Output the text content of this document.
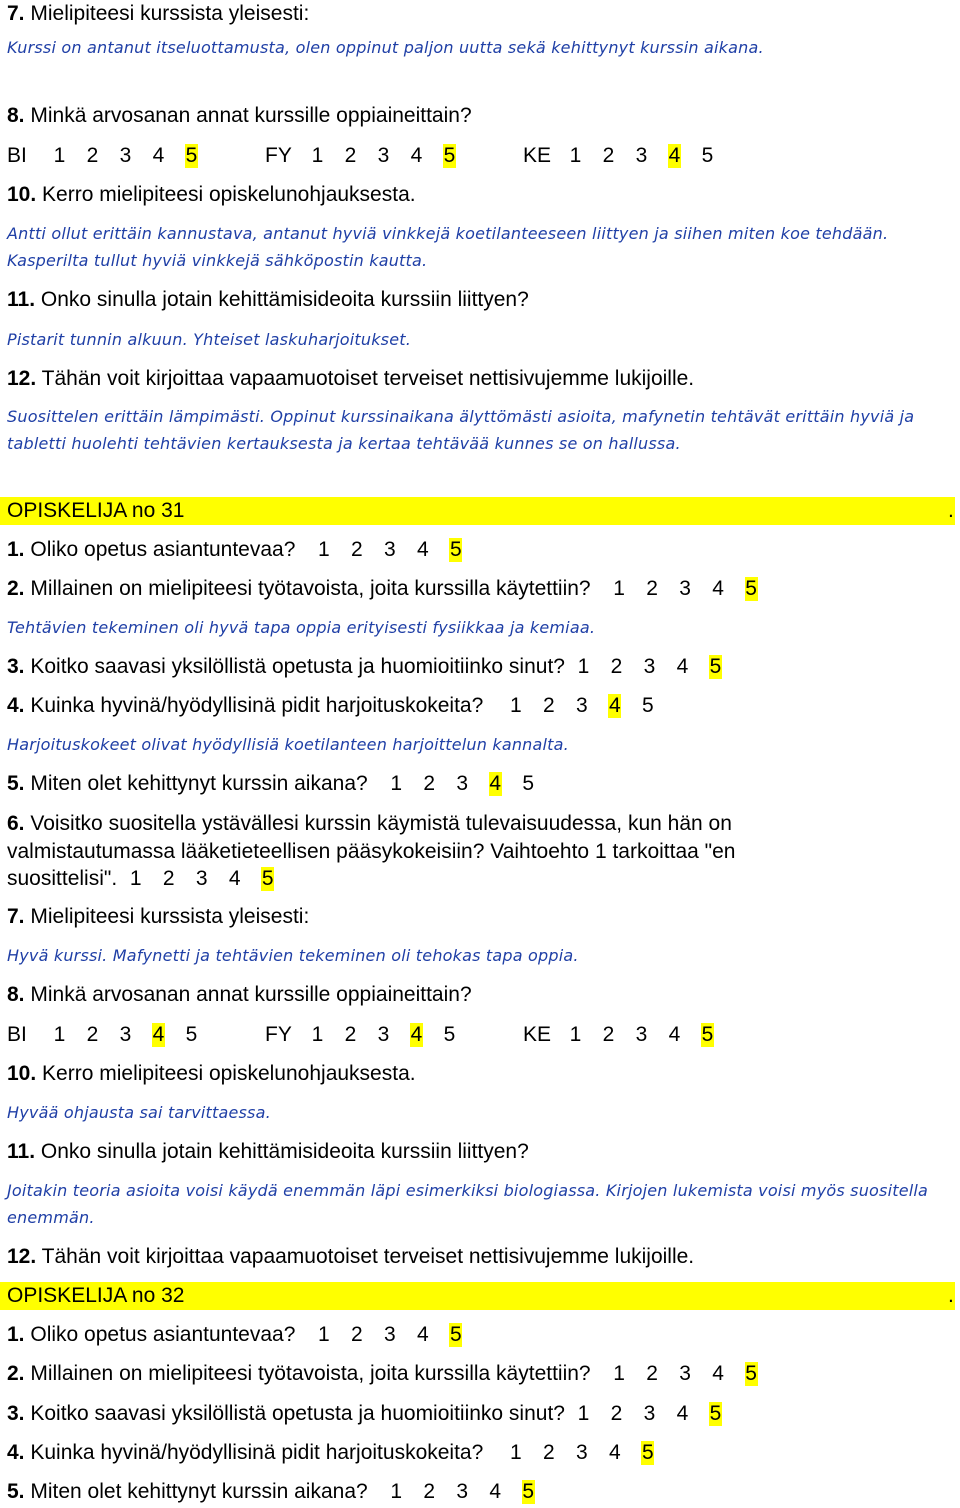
7. Mielipiteesi kurssista yleisesti:
Kurssi on antanut itseluottamusta, olen oppinut paljon uutta sekä kehittynyt kurssin aikana.
8. Minkä arvosanan annat kurssille oppiaineittain?
BI 1 2 3 4 5	FY 1 2 3 4 5	KE 1 2 3 4 5
10. Kerro mielipiteesi opiskelunohjauksesta.
Antti ollut erittäin kannustava, antanut hyviä vinkkejä koetilanteeseen liittyen ja siihen miten koe tehdään. Kasperilta tullut hyviä vinkkejä sähköpostin kautta.
11. Onko sinulla jotain kehittämisideoita kurssiin liittyen?
Pistarit tunnin alkuun. Yhteiset laskuharjoitukset.
12. Tähän voit kirjoittaa vapaamuotoiset terveiset nettisivujemme lukijoille.
Suosittelen erittäin lämpimästi. Oppinut kurssinaikana älyttömästi asioita, mafynetin tehtävät erittäin hyviä ja tabletti huolehti tehtävien kertauksesta ja kertaa tehtävää kunnes se on hallussa.
OPISKELIJA no 31	.
1. Oliko opetus asiantuntevaa? 1 2 3 4 5
2. Millainen on mielipiteesi työtavoista, joita kurssilla käytettiin? 1 2 3 4 5
Tehtävien tekeminen oli hyvä tapa oppia erityisesti fysiikkaa ja kemiaa.
3. Koitko saavasi yksilöllistä opetusta ja huomioitiinko sinut? 1 2 3 4 5
4. Kuinka hyvinä/hyödyllisinä pidit harjoituskokeita? 1 2 3 4 5
Harjoituskokeet olivat hyödyllisiä koetilanteen harjoittelun kannalta.
5. Miten olet kehittynyt kurssin aikana? 1 2 3 4 5
6. Voisitko suositella ystävällesi kurssin käymistä tulevaisuudessa, kun hän on
valmistautumassa lääketieteellisen pääsykokeisiin? Vaihtoehto 1 tarkoittaa "en
suosittelisi". 1 2 3 4 5
7. Mielipiteesi kurssista yleisesti:
Hyvä kurssi. Mafynetti ja tehtävien tekeminen oli tehokas tapa oppia.
8. Minkä arvosanan annat kurssille oppiaineittain?
BI 1 2 3 4 5	FY 1 2 3 4 5	KE 1 2 3 4 5
10. Kerro mielipiteesi opiskelunohjauksesta.
Hyvää ohjausta sai tarvittaessa.
11. Onko sinulla jotain kehittämisideoita kurssiin liittyen?
Joitakin teoria asioita voisi käydä enemmän läpi esimerkiksi biologiassa. Kirjojen lukemista voisi myös suositella enemmän.
12. Tähän voit kirjoittaa vapaamuotoiset terveiset nettisivujemme lukijoille.
OPISKELIJA no 32	.
1. Oliko opetus asiantuntevaa? 1 2 3 4 5
2. Millainen on mielipiteesi työtavoista, joita kurssilla käytettiin? 1 2 3 4 5
3. Koitko saavasi yksilöllistä opetusta ja huomioitiinko sinut? 1 2 3 4 5
4. Kuinka hyvinä/hyödyllisinä pidit harjoituskokeita? 1 2 3 4 5
5. Miten olet kehittynyt kurssin aikana? 1 2 3 4 5
